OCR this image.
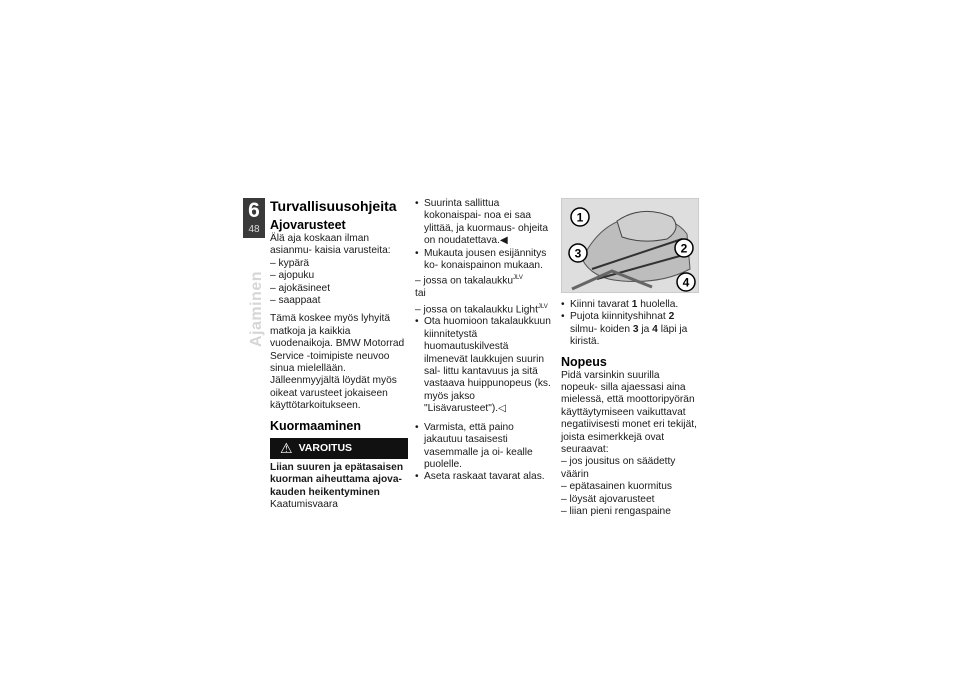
6
48
Ajaminen
Turvallisuusohjeita
Ajovarusteet

Älä aja koskaan ilman asianmu- kaisia varusteita:

– kypärä

– ajopuku

– ajokäsineet

– saappaat

Tämä koskee myös lyhyitä matkoja ja kaikkia vuodenaikoja. BMW Motorrad Service -toimipiste neuvoo sinua mielellään. Jälleenmyyjältä löydät myös oikeat varusteet jokaiseen käyttötarkoitukseen.

Kuormaaminen
⚠ VAROITUS

Liian suuren ja epätasaisen kuorman aiheuttama ajova- kauden heikentyminen

Kaatumisvaara

• Suurinta sallittua kokonaispai- noa ei saa ylittää, ja kuormaus- ohjeita on noudatettava.◀

• Mukauta jousen esijännitys ko- konaispainon mukaan.

– jossa on takalaukku$^{JLV}$

tai

– jossa on takalaukku Light$^{JLV}$

• Ota huomioon takalaukkuun kiinnitetystä huomautuskilvestä ilmenevät laukkujen suurin sal- littu kantavuus ja sitä vastaava huippunopeus (ks. myös jakso "Lisävarusteet").◁

• Varmista, että paino jakautuu tasaisesti vasemmalle ja oi- kealle puolelle.

• Aseta raskaat tavarat alas.

1
2
3
4

• Kiinni tavarat 1 huolella.

• Pujota kiinnityshihnat 2 silmu- koiden 3 ja 4 läpi ja kiristä.

Nopeus

Pidä varsinkin suurilla nopeuk- silla ajaessasi aina mielessä, että moottoripyörän käyttäytymiseen vaikuttavat negatiivisesti monet eri tekijät, joista esimerkkejä ovat seuraavat:

– jos jousitus on säädetty väärin

– epätasainen kuormitus

– löysät ajovarusteet

– liian pieni rengaspaine
